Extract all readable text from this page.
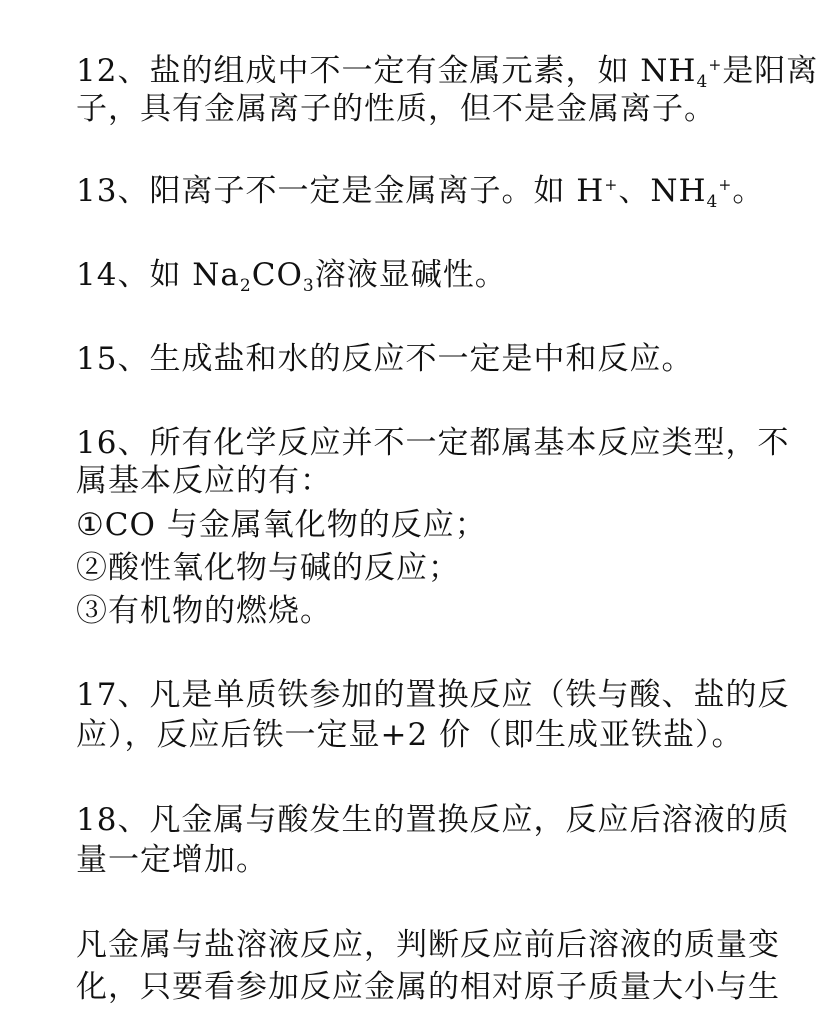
12、盐的组成中不一定有金属元素，如 NH4+是阳离
子，具有金属离子的性质，但不是金属离子。
13、阳离子不一定是金属离子。如 H+、NH4+。
14、如 Na2CO3溶液显碱性。
15、生成盐和水的反应不一定是中和反应。
16、所有化学反应并不一定都属基本反应类型，不
属基本反应的有：
①CO 与金属氧化物的反应；
②酸性氧化物与碱的反应；
③有机物的燃烧。
17、凡是单质铁参加的置换反应（铁与酸、盐的反
应），反应后铁一定显+2 价（即生成亚铁盐）。
18、凡金属与酸发生的置换反应，反应后溶液的质
量一定增加。
凡金属与盐溶液反应，判断反应前后溶液的质量变
化，只要看参加反应金属的相对原子质量大小与生
